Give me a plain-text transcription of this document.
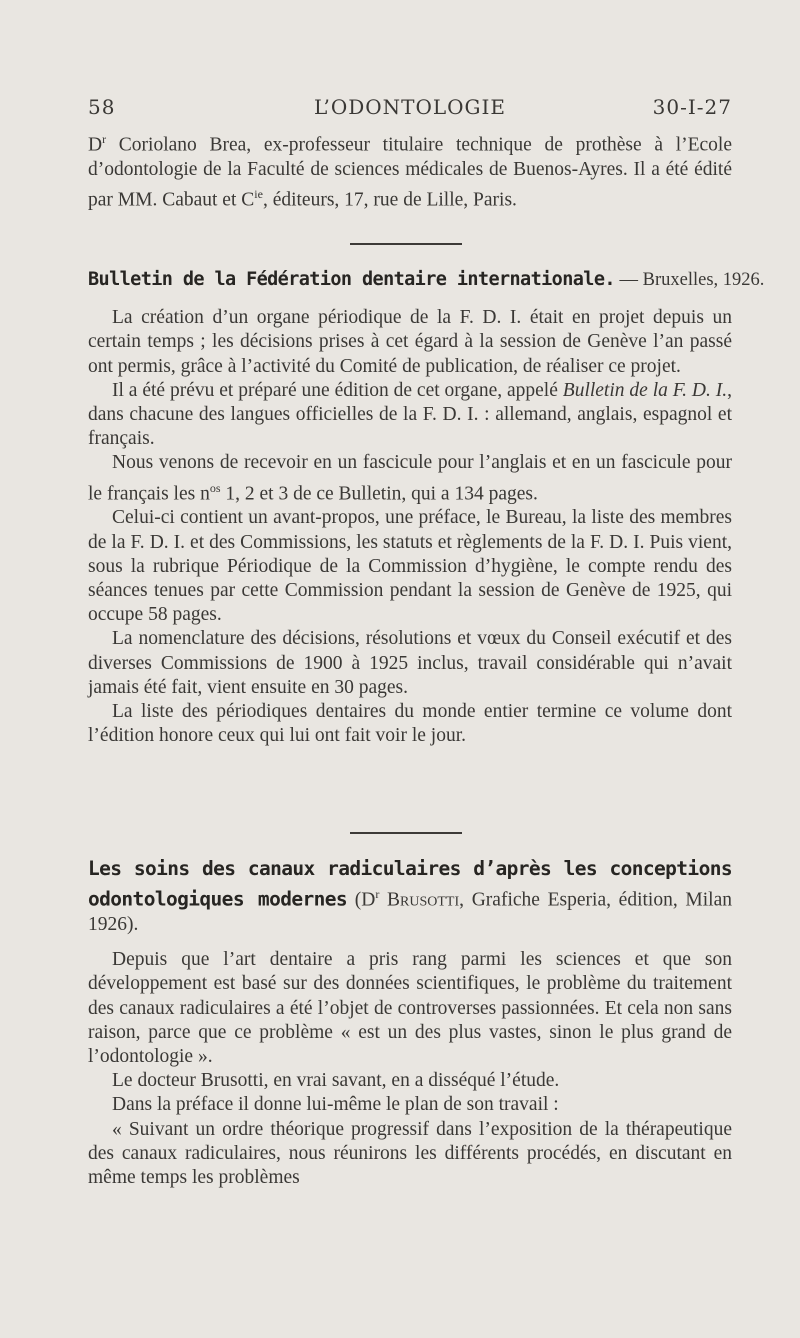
58	L’ODONTOLOGIE	30-I-27

$D^r$ Coriolano Brea, ex-professeur titulaire technique de prothèse à l’Ecole d’odontologie de la Faculté de sciences médicales de Buenos-Ayres. Il a été édité par MM. Cabaut et $C^{ie}$, éditeurs, 17, rue de Lille, Paris.

Bulletin de la Fédération dentaire internationale. — Bruxelles, 1926.

La création d’un organe périodique de la F. D. I. était en projet depuis un certain temps ; les décisions prises à cet égard à la session de Genève l’an passé ont permis, grâce à l’activité du Comité de publication, de réaliser ce projet.

Il a été prévu et préparé une édition de cet organe, appelé Bulletin de la F. D. I., dans chacune des langues officielles de la F. D. I. : allemand, anglais, espagnol et français.

Nous venons de recevoir en un fascicule pour l’anglais et en un fascicule pour le français les $n^{os}$ 1, 2 et 3 de ce Bulletin, qui a 134 pages.

Celui-ci contient un avant-propos, une préface, le Bureau, la liste des membres de la F. D. I. et des Commissions, les statuts et règlements de la F. D. I. Puis vient, sous la rubrique Périodique de la Commission d’hygiène, le compte rendu des séances tenues par cette Commission pendant la session de Genève de 1925, qui occupe 58 pages.

La nomenclature des décisions, résolutions et vœux du Conseil exécutif et des diverses Commissions de 1900 à 1925 inclus, travail considérable qui n’avait jamais été fait, vient ensuite en 30 pages.

La liste des périodiques dentaires du monde entier termine ce volume dont l’édition honore ceux qui lui ont fait voir le jour.

Les soins des canaux radiculaires d’après les conceptions odontologiques modernes ($D^r$ Brusotti, Grafiche Esperia, édition, Milan 1926).

Depuis que l’art dentaire a pris rang parmi les sciences et que son développement est basé sur des données scientifiques, le problème du traitement des canaux radiculaires a été l’objet de controverses passionnées. Et cela non sans raison, parce que ce problème « est un des plus vastes, sinon le plus grand de l’odontologie ».

Le docteur Brusotti, en vrai savant, en a disséqué l’étude.

Dans la préface il donne lui-même le plan de son travail :

« Suivant un ordre théorique progressif dans l’exposition de la thérapeutique des canaux radiculaires, nous réunirons les différents procédés, en discutant en même temps les problèmes
